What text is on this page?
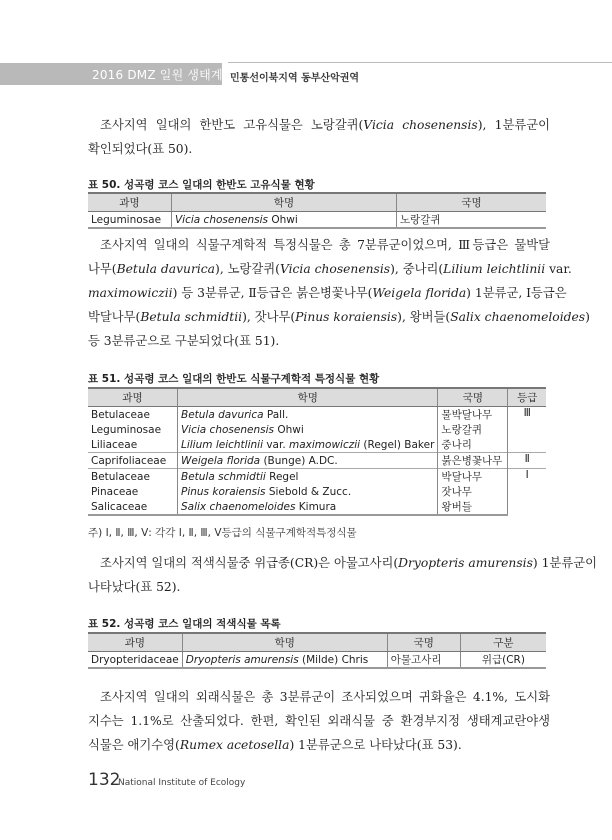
2016 DMZ 일원 생태계 조사
민통선이북지역 동부산악권역
조사지역 일대의 한반도 고유식물은 노랑갈퀴(Vicia chosenensis), 1분류군이
확인되었다(표 50).
표 50. 성곡령 코스 일대의 한반도 고유식물 현황
과명	학명	국명
Leguminosae	Vicia chosenensis Ohwi	노랑갈퀴
조사지역 일대의 식물구계학적 특정식물은 총 7분류군이었으며, Ⅲ등급은 물박달
나무(Betula davurica), 노랑갈퀴(Vicia chosenensis), 중나리(Lilium leichtlinii var.
maximowiczii) 등 3분류군, Ⅱ등급은 붉은병꽃나무(Weigela florida) 1분류군, Ⅰ등급은
박달나무(Betula schmidtii), 잣나무(Pinus koraiensis), 왕버들(Salix chaenomeloides)
등 3분류군으로 구분되었다(표 51).
표 51. 성곡령 코스 일대의 한반도 식물구계학적 특정식물 현황
과명	학명	국명	등급
Betulaceae	Betula davurica Pall.	물박달나무	Ⅲ
Leguminosae	Vicia chosenensis Ohwi	노랑갈퀴	
Liliaceae	Lilium leichtlinii var. maximowiczii (Regel) Baker	중나리	
Caprifoliaceae	Weigela florida (Bunge) A.DC.	붉은병꽃나무	Ⅱ
Betulaceae	Betula schmidtii Regel	박달나무	Ⅰ
Pinaceae	Pinus koraiensis Siebold & Zucc.	잣나무	
Salicaceae	Salix chaenomeloides Kimura	왕버들	
주) Ⅰ, Ⅱ, Ⅲ, Ⅴ: 각각 Ⅰ, Ⅱ, Ⅲ, Ⅴ등급의 식물구계학적특정식물
조사지역 일대의 적색식물중 위급종(CR)은 아물고사리(Dryopteris amurensis) 1분류군이
나타났다(표 52).
표 52. 성곡령 코스 일대의 적색식물 목록
과명	학명	국명	구분
Dryopteridaceae	Dryopteris amurensis (Milde) Chris	아물고사리	위급(CR)
조사지역 일대의 외래식물은 총 3분류군이 조사되었으며 귀화율은 4.1%, 도시화
지수는 1.1%로 산출되었다. 한편, 확인된 외래식물 중 환경부지정 생태계교란야생
식물은 애기수영(Rumex acetosella) 1분류군으로 나타났다(표 53).
132
National Institute of Ecology
